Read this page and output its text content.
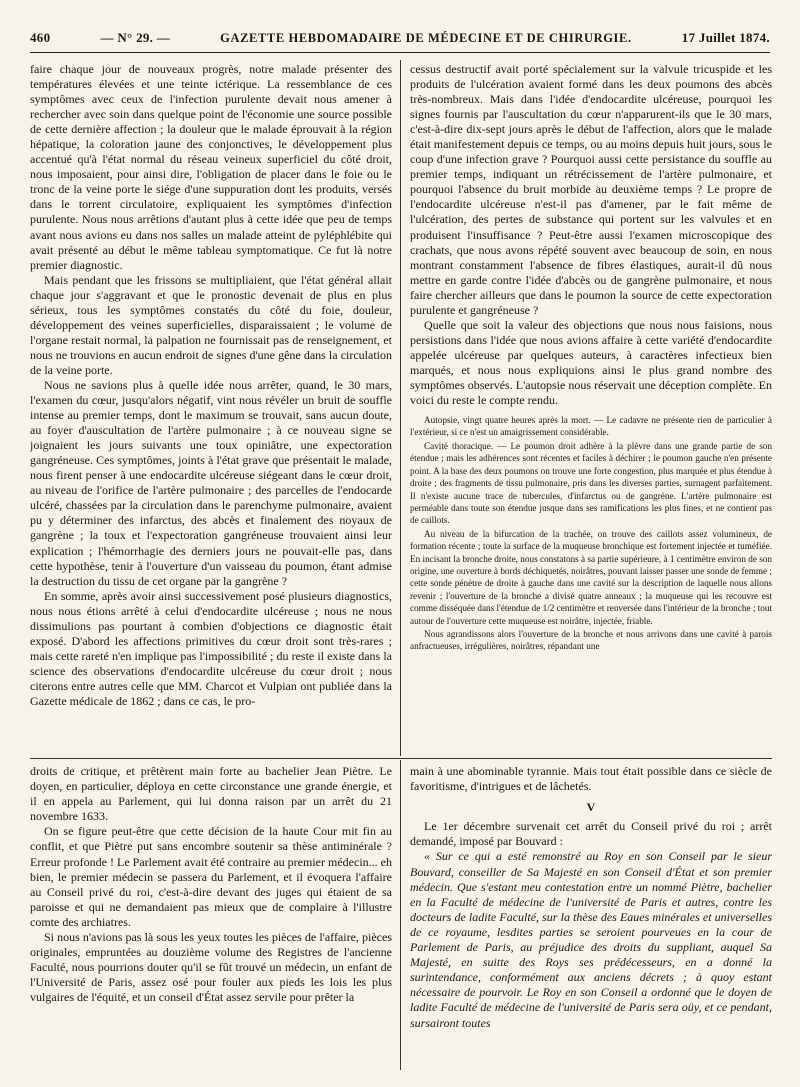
460	— N° 29. —	GAZETTE HEBDOMADAIRE DE MÉDECINE ET DE CHIRURGIE.	17 Juillet 1874.

faire chaque jour de nouveaux progrès, notre malade présenter des températures élevées et une teinte ictérique. La ressemblance de ces symptômes avec ceux de l'infection purulente devait nous amener à rechercher avec soin dans quelque point de l'économie une source possible de cette dernière affection ; la douleur que le malade éprouvait à la région hépatique, la coloration jaune des conjonctives, le développement plus accentué qu'à l'état normal du réseau veineux superficiel du côté droit, nous imposaient, pour ainsi dire, l'obligation de placer dans le foie ou le tronc de la veine porte le siége d'une suppuration dont les produits, versés dans le torrent circulatoire, expliquaient les symptômes d'infection purulente. Nous nous arrêtions d'autant plus à cette idée que peu de temps avant nous avions eu dans nos salles un malade atteint de pyléphlébite qui avait présenté au début le même tableau symptomatique. Ce fut là notre premier diagnostic.

Mais pendant que les frissons se multipliaient, que l'état général allait chaque jour s'aggravant et que le pronostic devenait de plus en plus sérieux, tous les symptômes constatés du côté du foie, douleur, développement des veines superficielles, disparaissaient ; le volume de l'organe restait normal, la palpation ne fournissait pas de renseignement, et nous ne trouvions en aucun endroit de signes d'une gêne dans la circulation de la veine porte.

Nous ne savions plus à quelle idée nous arrêter, quand, le 30 mars, l'examen du cœur, jusqu'alors négatif, vint nous révéler un bruit de souffle intense au premier temps, dont le maximum se trouvait, sans aucun doute, au foyer d'auscultation de l'artère pulmonaire ; à ce nouveau signe se joignaient les jours suivants une toux opiniâtre, une expectoration gangréneuse. Ces symptômes, joints à l'état grave que présentait le malade, nous firent penser à une endocardite ulcéreuse siégeant dans le cœur droit, au niveau de l'orifice de l'artère pulmonaire ; des parcelles de l'endocarde ulcéré, chassées par la circulation dans le parenchyme pulmonaire, avaient pu y déterminer des infarctus, des abcès et finalement des noyaux de gangrène ; la toux et l'expectoration gangréneuse trouvaient ainsi leur explication ; l'hémorrhagie des derniers jours ne pouvait-elle pas, dans cette hypothèse, tenir à l'ouverture d'un vaisseau du poumon, étant admise la destruction du tissu de cet organe par la gangrène ?

En somme, après avoir ainsi successivement posé plusieurs diagnostics, nous nous étions arrêté à celui d'endocardite ulcéreuse ; nous ne nous dissimulions pas pourtant à combien d'objections ce diagnostic était exposé. D'abord les affections primitives du cœur droit sont très-rares ; mais cette rareté n'en implique pas l'impossibilité ; du reste il existe dans la science des observations d'endocardite ulcéreuse du cœur droit ; nous citerons entre autres celle que MM. Charcot et Vulpian ont publiée dans la Gazette médicale de 1862 ; dans ce cas, le pro-

cessus destructif avait porté spécialement sur la valvule tricuspide et les produits de l'ulcération avaient formé dans les deux poumons des abcès très-nombreux. Mais dans l'idée d'endocardite ulcéreuse, pourquoi les signes fournis par l'auscultation du cœur n'apparurent-ils que le 30 mars, c'est-à-dire dix-sept jours après le début de l'affection, alors que le malade était manifestement depuis ce temps, ou au moins depuis huit jours, sous le coup d'une infection grave ? Pourquoi aussi cette persistance du souffle au premier temps, indiquant un rétrécissement de l'artère pulmonaire, et pourquoi l'absence du bruit morbide au deuxième temps ? Le propre de l'endocardite ulcéreuse n'est-il pas d'amener, par le fait même de l'ulcération, des pertes de substance qui portent sur les valvules et en produisent l'insuffisance ? Peut-être aussi l'examen microscopique des crachats, que nous avons répété souvent avec beaucoup de soin, en nous montrant constamment l'absence de fibres élastiques, aurait-il dû nous mettre en garde contre l'idée d'abcès ou de gangrène pulmonaire, et nous faire chercher ailleurs que dans le poumon la source de cette expectoration purulente et gangréneuse ?

Quelle que soit la valeur des objections que nous nous faisions, nous persistions dans l'idée que nous avions affaire à cette variété d'endocardite appelée ulcéreuse par quelques auteurs, à caractères infectieux bien marqués, et nous nous expliquions ainsi le plus grand nombre des symptômes observés. L'autopsie nous réservait une déception complète. En voici du reste le compte rendu.

Autopsie, vingt quatre heures après la mort. — Le cadavre ne présente rien de particulier à l'extérieur, si ce n'est un amaigrissement considérable.

Cavité thoracique. — Le poumon droit adhère à la plèvre dans une grande partie de son étendue ; mais les adhérences sont récentes et faciles à déchirer ; le poumon gauche n'en présente point. A la base des deux poumons on trouve une forte congestion, plus marquée et plus étendue à droite ; des fragments de tissu pulmonaire, pris dans les diverses parties, surnagent parfaitement. Il n'existe aucune trace de tubercules, d'infarctus ou de gangrène. L'artère pulmonaire est perméable dans toute son étendue jusque dans ses ramifications les plus fines, et ne contient pas de caillots.

Au niveau de la bifurcation de la trachée, on trouve des caillots assez volumineux, de formation récente ; toute la surface de la muqueuse bronchique est fortement injectée et tuméfiée. En incisant la bronche droite, nous constatons à sa partie supérieure, à 1 centimètre environ de son origine, une ouverture à bords déchiquetés, noirâtres, pouvant laisser passer une sonde de femme ; cette sonde pénètre de droite à gauche dans une cavité sur la description de laquelle nous allons revenir ; l'ouverture de la bronche a divisé quatre anneaux ; la muqueuse qui les recouvre est comme disséquée dans l'étendue de 1/2 centimètre et renversée dans l'intérieur de la bronche ; tout autour de l'ouverture cette muqueuse est noirâtre, injectée, friable.

Nous agrandissons alors l'ouverture de la bronche et nous arrivons dans une cavité à parois anfractueuses, irrégulières, noirâtres, répandant une

droits de critique, et prêtèrent main forte au bachelier Jean Piètre. Le doyen, en particulier, déploya en cette circonstance une grande énergie, et il en appela au Parlement, qui lui donna raison par un arrêt du 21 novembre 1633.

On se figure peut-être que cette décision de la haute Cour mit fin au conflit, et que Piètre put sans encombre soutenir sa thèse antiminérale ? Erreur profonde ! Le Parlement avait été contraire au premier médecin... eh bien, le premier médecin se passera du Parlement, et il évoquera l'affaire au Conseil privé du roi, c'est-à-dire devant des juges qui étaient de sa paroisse et qui ne demandaient pas mieux que de complaire à l'illustre comte des archiatres.

Si nous n'avions pas là sous les yeux toutes les pièces de l'affaire, pièces originales, empruntées au douzième volume des Registres de l'ancienne Faculté, nous pourrions douter qu'il se fût trouvé un médecin, un enfant de l'Université de Paris, assez osé pour fouler aux pieds les lois les plus vulgaires de l'équité, et un conseil d'État assez servile pour prêter la

main à une abominable tyrannie. Mais tout était possible dans ce siècle de favoritisme, d'intrigues et de lâchetés.

V

Le 1er décembre survenait cet arrêt du Conseil privé du roi ; arrêt demandé, imposé par Bouvard :

« Sur ce qui a esté remonstré au Roy en son Conseil par le sieur Bouvard, conseiller de Sa Majesté en son Conseil d'État et son premier médecin. Que s'estant meu contestation entre un nommé Piètre, bachelier en la Faculté de médecine de l'université de Paris et autres, contre les docteurs de ladite Faculté, sur la thèse des Eaues minérales et universelles de ce royaume, lesdites parties se seroient pourveues en la cour de Parlement de Paris, au préjudice des droits du suppliant, auquel Sa Majesté, en suitte des Roys ses prédécesseurs, en a donné la surintendance, conformément aux anciens décrets ; à quoy estant nécessaire de pourvoir. Le Roy en son Conseil a ordonné que le doyen de ladite Faculté de médecine de l'université de Paris sera oüy, et ce pendant, sursairont toutes
